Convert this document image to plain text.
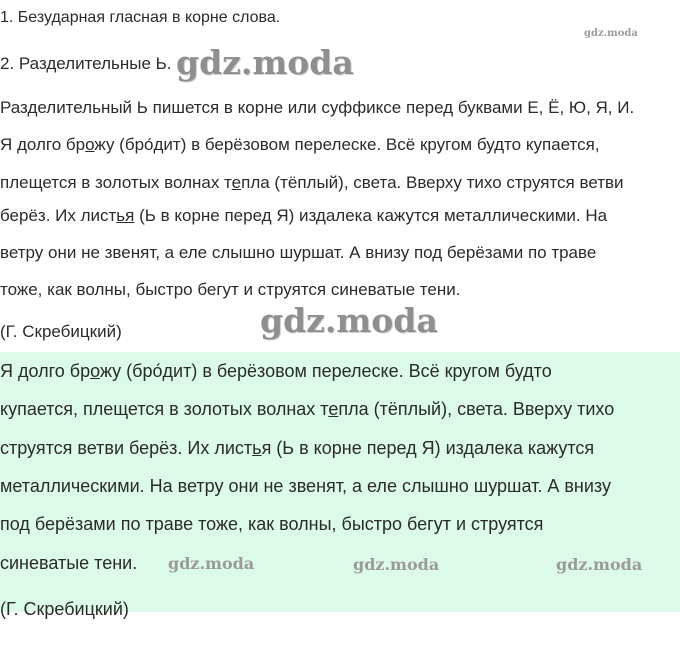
1. Безударная гласная в корне слова.

2. Разделительные Ь.

Разделительный Ь пишется в корне или суффиксе перед буквами Е, Ё, Ю, Я, И.

Я долго брожу (бро́дит) в берёзовом перелеске. Всё кругом будто купается,

плещется в золотых волнах тепла (тёплый), света. Вверху тихо струятся ветви

берёз. Их листья (Ь в корне перед Я) издалека кажутся металлическими. На

ветру они не звенят, а еле слышно шуршат. А внизу под берёзами по траве

тоже, как волны, быстро бегут и струятся синеватые тени.

(Г. Скребицкий)

Я долго брожу (бро́дит) в берёзовом перелеске. Всё кругом будто

купается, плещется в золотых волнах тепла (тёплый), света. Вверху тихо

струятся ветви берёз. Их листья (Ь в корне перед Я) издалека кажутся

металлическими. На ветру они не звенят, а еле слышно шуршат. А внизу

под берёзами по траве тоже, как волны, быстро бегут и струятся

синеватые тени.

(Г. Скребицкий)

gdz.moda
gdz.moda
gdz.moda
gdz.moda	gdz.moda	gdz.moda
